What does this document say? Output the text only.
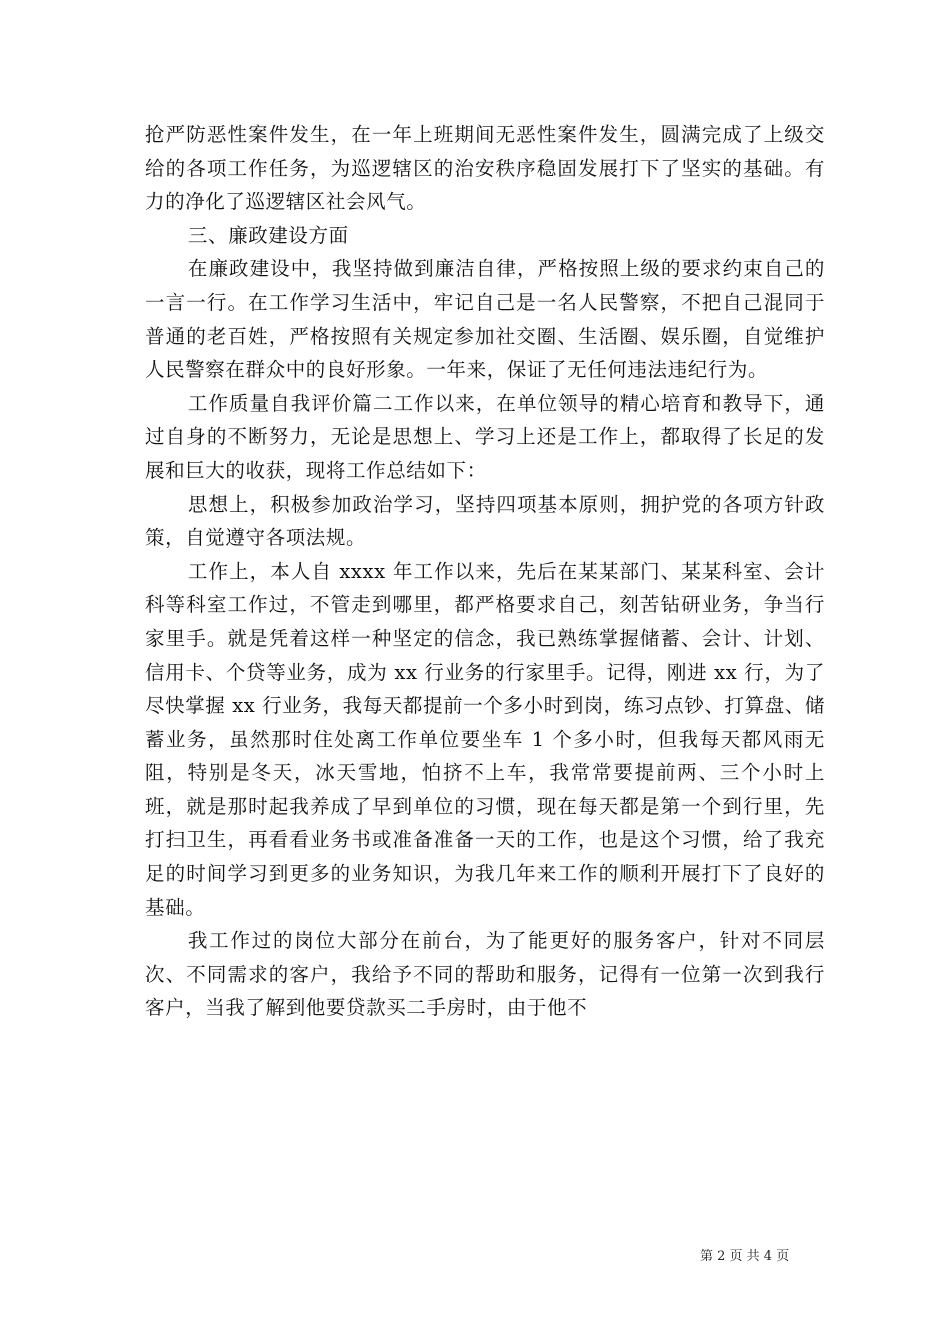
抢严防恶性案件发生，在一年上班期间无恶性案件发生，圆满完成了上级交给的各项工作任务，为巡逻辖区的治安秩序稳固发展打下了坚实的基础。有力的净化了巡逻辖区社会风气。

三、廉政建设方面

在廉政建设中，我坚持做到廉洁自律，严格按照上级的要求约束自己的一言一行。在工作学习生活中，牢记自己是一名人民警察，不把自己混同于普通的老百姓，严格按照有关规定参加社交圈、生活圈、娱乐圈，自觉维护人民警察在群众中的良好形象。一年来，保证了无任何违法违纪行为。

工作质量自我评价篇二工作以来，在单位领导的精心培育和教导下，通过自身的不断努力，无论是思想上、学习上还是工作上，都取得了长足的发展和巨大的收获，现将工作总结如下：

思想上，积极参加政治学习，坚持四项基本原则，拥护党的各项方针政策，自觉遵守各项法规。

工作上，本人自 xxxx 年工作以来，先后在某某部门、某某科室、会计科等科室工作过，不管走到哪里，都严格要求自己，刻苦钻研业务，争当行家里手。就是凭着这样一种坚定的信念，我已熟练掌握储蓄、会计、计划、信用卡、个贷等业务，成为 xx 行业务的行家里手。记得，刚进 xx 行，为了尽快掌握 xx 行业务，我每天都提前一个多小时到岗，练习点钞、打算盘、储蓄业务，虽然那时住处离工作单位要坐车 1 个多小时，但我每天都风雨无阻，特别是冬天，冰天雪地，怕挤不上车，我常常要提前两、三个小时上班，就是那时起我养成了早到单位的习惯，现在每天都是第一个到行里，先打扫卫生，再看看业务书或准备准备一天的工作，也是这个习惯，给了我充足的时间学习到更多的业务知识，为我几年来工作的顺利开展打下了良好的基础。

我工作过的岗位大部分在前台，为了能更好的服务客户，针对不同层次、不同需求的客户，我给予不同的帮助和服务，记得有一位第一次到我行客户，当我了解到他要贷款买二手房时，由于他不

第 2 页 共 4 页
